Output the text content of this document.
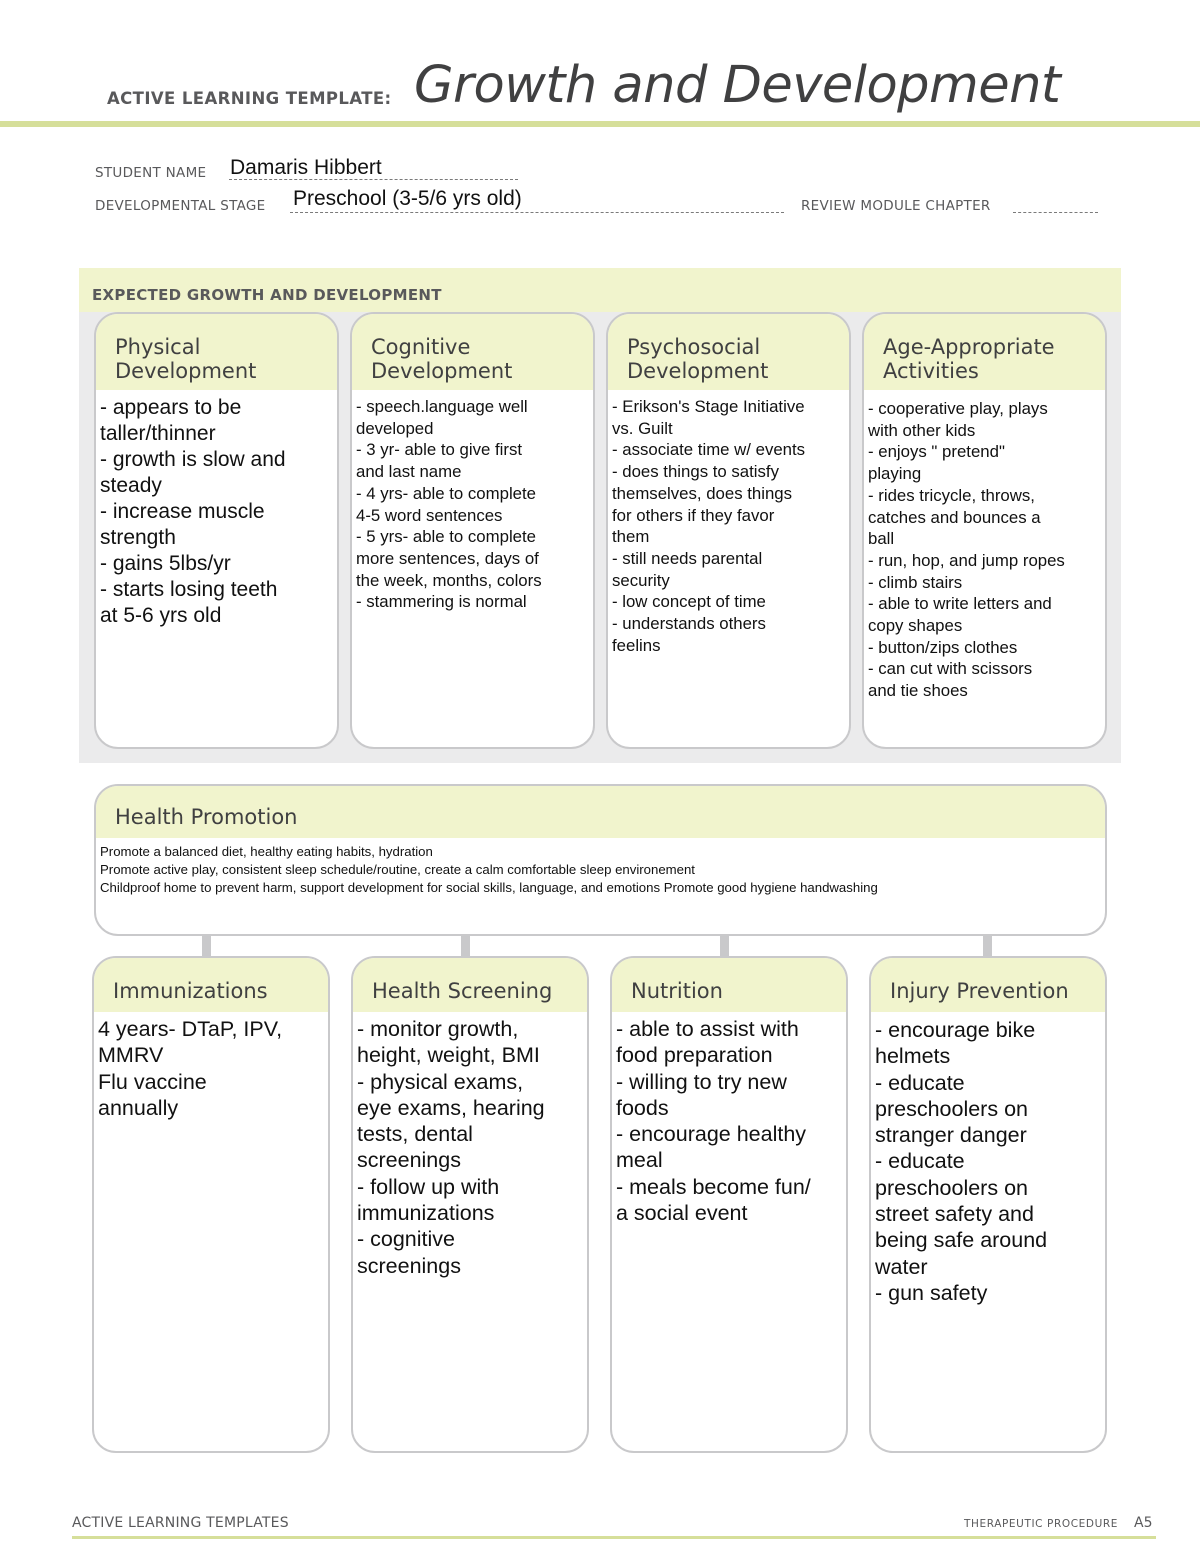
ACTIVE LEARNING TEMPLATE: Growth and Development
STUDENT NAME Damaris Hibbert
DEVELOPMENTAL STAGE Preschool (3-5/6 yrs old)	REVIEW MODULE CHAPTER
EXPECTED GROWTH AND DEVELOPMENT
Physical
Development
- appears to be
taller/thinner
- growth is slow and
steady
- increase muscle
strength
- gains 5lbs/yr
- starts losing teeth
at 5-6 yrs old
Cognitive
Development
- speech.language well
developed
- 3 yr- able to give first
and last name
- 4 yrs- able to complete
4-5 word sentences
- 5 yrs- able to complete
more sentences, days of
the week, months, colors
- stammering is normal
Psychosocial
Development
- Erikson's Stage Initiative
vs. Guilt
- associate time w/ events
- does things to satisfy
themselves, does things
for others if they favor
them
- still needs parental
security
- low concept of time
- understands others
feelins
Age-Appropriate
Activities
- cooperative play, plays
with other kids
- enjoys " pretend"
playing
- rides tricycle, throws,
catches and bounces a
ball
- run, hop, and jump ropes
- climb stairs
- able to write letters and
copy shapes
- button/zips clothes
- can cut with scissors
and tie shoes
Health Promotion
Promote a balanced diet, healthy eating habits, hydration
Promote active play, consistent sleep schedule/routine, create a calm comfortable sleep environement
Childproof home to prevent harm, support development for social skills, language, and emotions Promote good hygiene handwashing
Immunizations
4 years- DTaP, IPV,
MMRV
Flu vaccine
annually
Health Screening
- monitor growth,
height, weight, BMI
- physical exams,
eye exams, hearing
tests, dental
screenings
- follow up with
immunizations
- cognitive
screenings
Nutrition
- able to assist with
food preparation
- willing to try new
foods
- encourage healthy
meal
- meals become fun/
a social event
Injury Prevention
- encourage bike
helmets
- educate
preschoolers on
stranger danger
- educate
preschoolers on
street safety and
being safe around
water
- gun safety
ACTIVE LEARNING TEMPLATES	THERAPEUTIC PROCEDURE A5
